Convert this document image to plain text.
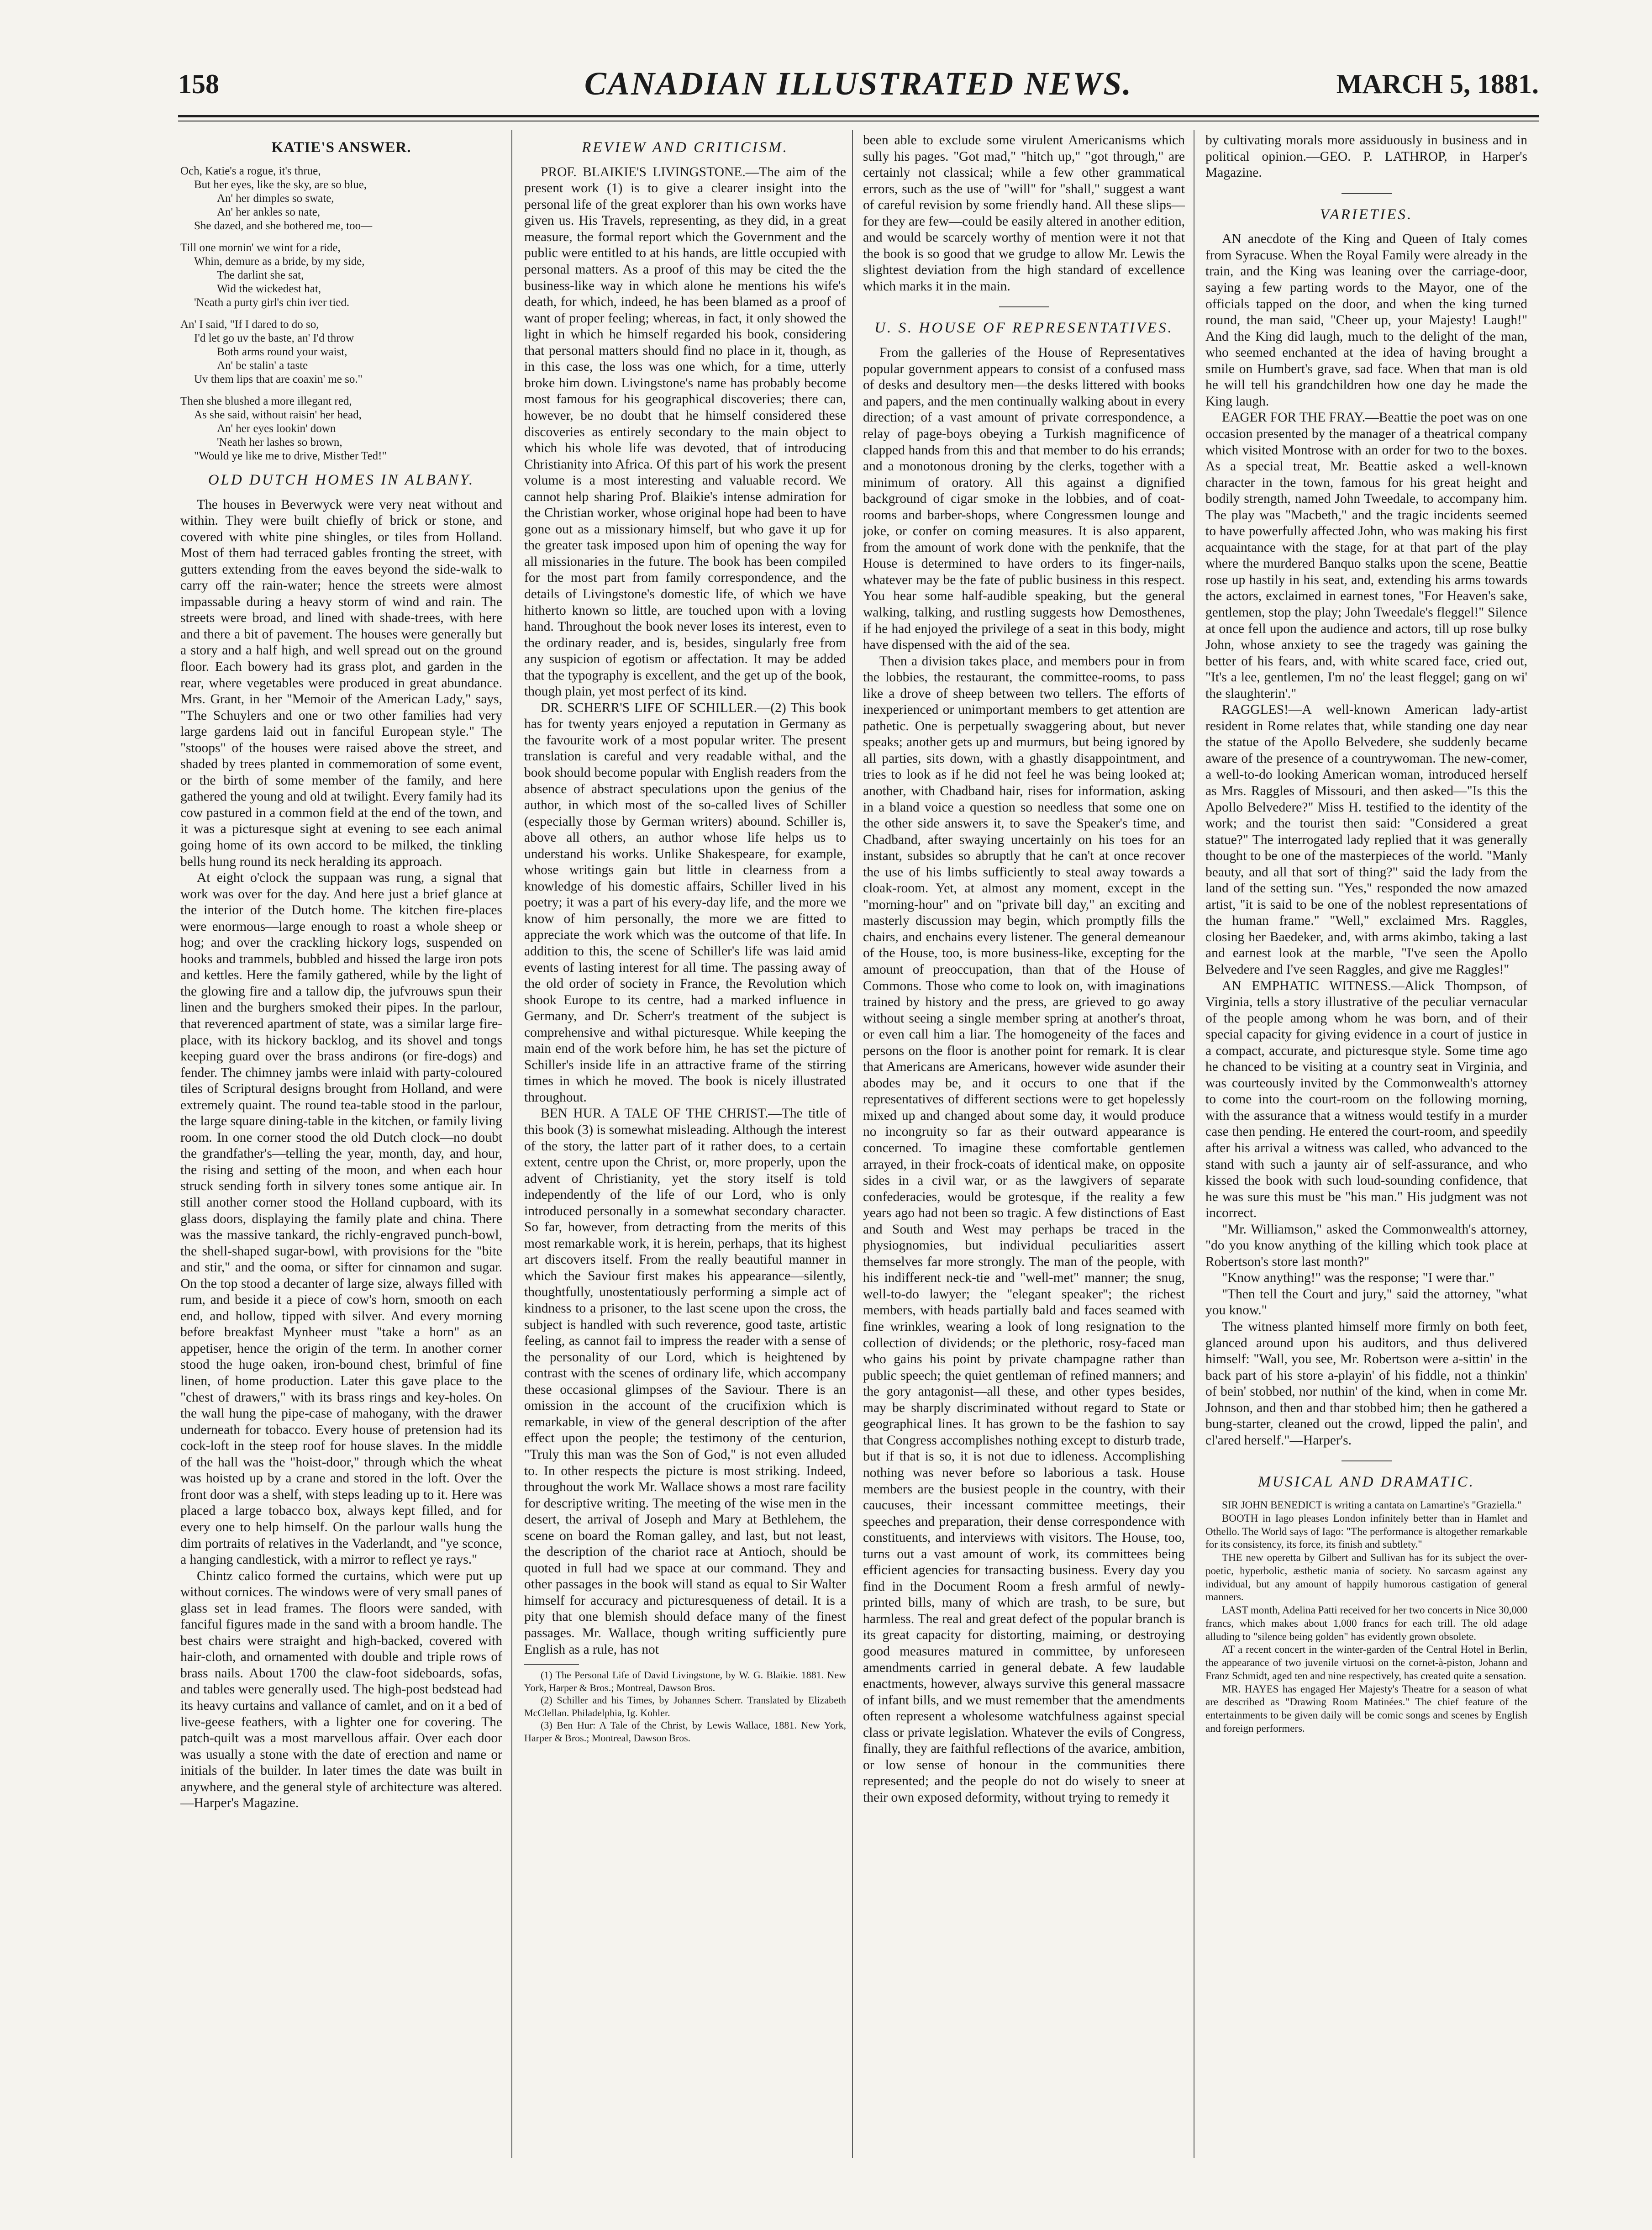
158	CANADIAN ILLUSTRATED NEWS.	MARCH 5, 1881.
KATIE'S ANSWER.
Och, Katie's a rogue, it's thrue,
But her eyes, like the sky, are so blue,
An' her dimples so swate,
An' her ankles so nate,
She dazed, and she bothered me, too—
Till one mornin' we wint for a ride,
Whin, demure as a bride, by my side,
The darlint she sat,
Wid the wickedest hat,
'Neath a purty girl's chin iver tied.
An' I said, "If I dared to do so,
I'd let go uv the baste, an' I'd throw
Both arms round your waist,
An' be stalin' a taste
Uv them lips that are coaxin' me so."
Then she blushed a more illegant red,
As she said, without raisin' her head,
An' her eyes lookin' down
'Neath her lashes so brown,
"Would ye like me to drive, Misther Ted!"
OLD DUTCH HOMES IN ALBANY.

The houses in Beverwyck were very neat without and within. They were built chiefly of brick or stone, and covered with white pine shingles, or tiles from Holland. Most of them had terraced gables fronting the street, with gutters extending from the eaves beyond the side-walk to carry off the rain-water; hence the streets were almost impassable during a heavy storm of wind and rain. The streets were broad, and lined with shade-trees, with here and there a bit of pavement. The houses were generally but a story and a half high, and well spread out on the ground floor. Each bowery had its grass plot, and garden in the rear, where vegetables were produced in great abundance. Mrs. Grant, in her "Memoir of the American Lady," says, "The Schuylers and one or two other families had very large gardens laid out in fanciful European style." The "stoops" of the houses were raised above the street, and shaded by trees planted in commemoration of some event, or the birth of some member of the family, and here gathered the young and old at twilight. Every family had its cow pastured in a common field at the end of the town, and it was a picturesque sight at evening to see each animal going home of its own accord to be milked, the tinkling bells hung round its neck heralding its approach.

At eight o'clock the suppaan was rung, a signal that work was over for the day. And here just a brief glance at the interior of the Dutch home. The kitchen fire-places were enormous—large enough to roast a whole sheep or hog; and over the crackling hickory logs, suspended on hooks and trammels, bubbled and hissed the large iron pots and kettles. Here the family gathered, while by the light of the glowing fire and a tallow dip, the jufvrouws spun their linen and the burghers smoked their pipes. In the parlour, that reverenced apartment of state, was a similar large fire-place, with its hickory backlog, and its shovel and tongs keeping guard over the brass andirons (or fire-dogs) and fender. The chimney jambs were inlaid with party-coloured tiles of Scriptural designs brought from Holland, and were extremely quaint. The round tea-table stood in the parlour, the large square dining-table in the kitchen, or family living room. In one corner stood the old Dutch clock—no doubt the grandfather's—telling the year, month, day, and hour, the rising and setting of the moon, and when each hour struck sending forth in silvery tones some antique air. In still another corner stood the Holland cupboard, with its glass doors, displaying the family plate and china. There was the massive tankard, the richly-engraved punch-bowl, the shell-shaped sugar-bowl, with provisions for the "bite and stir," and the ooma, or sifter for cinnamon and sugar. On the top stood a decanter of large size, always filled with rum, and beside it a piece of cow's horn, smooth on each end, and hollow, tipped with silver. And every morning before breakfast Mynheer must "take a horn" as an appetiser, hence the origin of the term. In another corner stood the huge oaken, iron-bound chest, brimful of fine linen, of home production. Later this gave place to the "chest of drawers," with its brass rings and key-holes. On the wall hung the pipe-case of mahogany, with the drawer underneath for tobacco. Every house of pretension had its cock-loft in the steep roof for house slaves. In the middle of the hall was the "hoist-door," through which the wheat was hoisted up by a crane and stored in the loft. Over the front door was a shelf, with steps leading up to it. Here was placed a large tobacco box, always kept filled, and for every one to help himself. On the parlour walls hung the dim portraits of relatives in the Vaderlandt, and "ye sconce, a hanging candlestick, with a mirror to reflect ye rays."

Chintz calico formed the curtains, which were put up without cornices. The windows were of very small panes of glass set in lead frames. The floors were sanded, with fanciful figures made in the sand with a broom handle. The best chairs were straight and high-backed, covered with hair-cloth, and ornamented with double and triple rows of brass nails. About 1700 the claw-foot sideboards, sofas, and tables were generally used. The high-post bedstead had its heavy curtains and vallance of camlet, and on it a bed of live-geese feathers, with a lighter one for covering. The patch-quilt was a most marvellous affair. Over each door was usually a stone with the date of erection and name or initials of the builder. In later times the date was built in anywhere, and the general style of architecture was altered.—Harper's Magazine.

REVIEW AND CRITICISM.

PROF. BLAIKIE'S LIVINGSTONE.—The aim of the present work (1) is to give a clearer insight into the personal life of the great explorer than his own works have given us. His Travels, representing, as they did, in a great measure, the formal report which the Government and the public were entitled to at his hands, are little occupied with personal matters. As a proof of this may be cited the the business-like way in which alone he mentions his wife's death, for which, indeed, he has been blamed as a proof of want of proper feeling; whereas, in fact, it only showed the light in which he himself regarded his book, considering that personal matters should find no place in it, though, as in this case, the loss was one which, for a time, utterly broke him down. Livingstone's name has probably become most famous for his geographical discoveries; there can, however, be no doubt that he himself considered these discoveries as entirely secondary to the main object to which his whole life was devoted, that of introducing Christianity into Africa. Of this part of his work the present volume is a most interesting and valuable record. We cannot help sharing Prof. Blaikie's intense admiration for the Christian worker, whose original hope had been to have gone out as a missionary himself, but who gave it up for the greater task imposed upon him of opening the way for all missionaries in the future. The book has been compiled for the most part from family correspondence, and the details of Livingstone's domestic life, of which we have hitherto known so little, are touched upon with a loving hand. Throughout the book never loses its interest, even to the ordinary reader, and is, besides, singularly free from any suspicion of egotism or affectation. It may be added that the typography is excellent, and the get up of the book, though plain, yet most perfect of its kind.

DR. SCHERR'S LIFE OF SCHILLER.—(2) This book has for twenty years enjoyed a reputation in Germany as the favourite work of a most popular writer. The present translation is careful and very readable withal, and the book should become popular with English readers from the absence of abstract speculations upon the genius of the author, in which most of the so-called lives of Schiller (especially those by German writers) abound. Schiller is, above all others, an author whose life helps us to understand his works. Unlike Shakespeare, for example, whose writings gain but little in clearness from a knowledge of his domestic affairs, Schiller lived in his poetry; it was a part of his every-day life, and the more we know of him personally, the more we are fitted to appreciate the work which was the outcome of that life. In addition to this, the scene of Schiller's life was laid amid events of lasting interest for all time. The passing away of the old order of society in France, the Revolution which shook Europe to its centre, had a marked influence in Germany, and Dr. Scherr's treatment of the subject is comprehensive and withal picturesque. While keeping the main end of the work before him, he has set the picture of Schiller's inside life in an attractive frame of the stirring times in which he moved. The book is nicely illustrated throughout.

BEN HUR. A TALE OF THE CHRIST.—The title of this book (3) is somewhat misleading. Although the interest of the story, the latter part of it rather does, to a certain extent, centre upon the Christ, or, more properly, upon the advent of Christianity, yet the story itself is told independently of the life of our Lord, who is only introduced personally in a somewhat secondary character. So far, however, from detracting from the merits of this most remarkable work, it is herein, perhaps, that its highest art discovers itself. From the really beautiful manner in which the Saviour first makes his appearance—silently, thoughtfully, unostentatiously performing a simple act of kindness to a prisoner, to the last scene upon the cross, the subject is handled with such reverence, good taste, artistic feeling, as cannot fail to impress the reader with a sense of the personality of our Lord, which is heightened by contrast with the scenes of ordinary life, which accompany these occasional glimpses of the Saviour. There is an omission in the account of the crucifixion which is remarkable, in view of the general description of the after effect upon the people; the testimony of the centurion, "Truly this man was the Son of God," is not even alluded to. In other respects the picture is most striking. Indeed, throughout the work Mr. Wallace shows a most rare facility for descriptive writing. The meeting of the wise men in the desert, the arrival of Joseph and Mary at Bethlehem, the scene on board the Roman galley, and last, but not least, the description of the chariot race at Antioch, should be quoted in full had we space at our command. They and other passages in the book will stand as equal to Sir Walter himself for accuracy and picturesqueness of detail. It is a pity that one blemish should deface many of the finest passages. Mr. Wallace, though writing sufficiently pure English as a rule, has not

(1) The Personal Life of David Livingstone, by W. G. Blaikie. 1881. New York, Harper & Bros.; Montreal, Dawson Bros.

(2) Schiller and his Times, by Johannes Scherr. Translated by Elizabeth McClellan. Philadelphia, Ig. Kohler.

(3) Ben Hur: A Tale of the Christ, by Lewis Wallace, 1881. New York, Harper & Bros.; Montreal, Dawson Bros.

been able to exclude some virulent Americanisms which sully his pages. "Got mad," "hitch up," "got through," are certainly not classical; while a few other grammatical errors, such as the use of "will" for "shall," suggest a want of careful revision by some friendly hand. All these slips—for they are few—could be easily altered in another edition, and would be scarcely worthy of mention were it not that the book is so good that we grudge to allow Mr. Lewis the slightest deviation from the high standard of excellence which marks it in the main.

U. S. HOUSE OF REPRESENTATIVES.

From the galleries of the House of Representatives popular government appears to consist of a confused mass of desks and desultory men—the desks littered with books and papers, and the men continually walking about in every direction; of a vast amount of private correspondence, a relay of page-boys obeying a Turkish magnificence of clapped hands from this and that member to do his errands; and a monotonous droning by the clerks, together with a minimum of oratory. All this against a dignified background of cigar smoke in the lobbies, and of coat-rooms and barber-shops, where Congressmen lounge and joke, or confer on coming measures. It is also apparent, from the amount of work done with the penknife, that the House is determined to have orders to its finger-nails, whatever may be the fate of public business in this respect. You hear some half-audible speaking, but the general walking, talking, and rustling suggests how Demosthenes, if he had enjoyed the privilege of a seat in this body, might have dispensed with the aid of the sea.

Then a division takes place, and members pour in from the lobbies, the restaurant, the committee-rooms, to pass like a drove of sheep between two tellers. The efforts of inexperienced or unimportant members to get attention are pathetic. One is perpetually swaggering about, but never speaks; another gets up and murmurs, but being ignored by all parties, sits down, with a ghastly disappointment, and tries to look as if he did not feel he was being looked at; another, with Chadband hair, rises for information, asking in a bland voice a question so needless that some one on the other side answers it, to save the Speaker's time, and Chadband, after swaying uncertainly on his toes for an instant, subsides so abruptly that he can't at once recover the use of his limbs sufficiently to steal away towards a cloak-room. Yet, at almost any moment, except in the "morning-hour" and on "private bill day," an exciting and masterly discussion may begin, which promptly fills the chairs, and enchains every listener. The general demeanour of the House, too, is more business-like, excepting for the amount of preoccupation, than that of the House of Commons. Those who come to look on, with imaginations trained by history and the press, are grieved to go away without seeing a single member spring at another's throat, or even call him a liar. The homogeneity of the faces and persons on the floor is another point for remark. It is clear that Americans are Americans, however wide asunder their abodes may be, and it occurs to one that if the representatives of different sections were to get hopelessly mixed up and changed about some day, it would produce no incongruity so far as their outward appearance is concerned. To imagine these comfortable gentlemen arrayed, in their frock-coats of identical make, on opposite sides in a civil war, or as the lawgivers of separate confederacies, would be grotesque, if the reality a few years ago had not been so tragic. A few distinctions of East and South and West may perhaps be traced in the physiognomies, but individual peculiarities assert themselves far more strongly. The man of the people, with his indifferent neck-tie and "well-met" manner; the snug, well-to-do lawyer; the "elegant speaker"; the richest members, with heads partially bald and faces seamed with fine wrinkles, wearing a look of long resignation to the collection of dividends; or the plethoric, rosy-faced man who gains his point by private champagne rather than public speech; the quiet gentleman of refined manners; and the gory antagonist—all these, and other types besides, may be sharply discriminated without regard to State or geographical lines. It has grown to be the fashion to say that Congress accomplishes nothing except to disturb trade, but if that is so, it is not due to idleness. Accomplishing nothing was never before so laborious a task. House members are the busiest people in the country, with their caucuses, their incessant committee meetings, their speeches and preparation, their dense correspondence with constituents, and interviews with visitors. The House, too, turns out a vast amount of work, its committees being efficient agencies for transacting business. Every day you find in the Document Room a fresh armful of newly-printed bills, many of which are trash, to be sure, but harmless. The real and great defect of the popular branch is its great capacity for distorting, maiming, or destroying good measures matured in committee, by unforeseen amendments carried in general debate. A few laudable enactments, however, always survive this general massacre of infant bills, and we must remember that the amendments often represent a wholesome watchfulness against special class or private legislation. Whatever the evils of Congress, finally, they are faithful reflections of the avarice, ambition, or low sense of honour in the communities there represented; and the people do not do wisely to sneer at their own exposed deformity, without trying to remedy it

by cultivating morals more assiduously in business and in political opinion.—GEO. P. LATHROP, in Harper's Magazine.

VARIETIES.

AN anecdote of the King and Queen of Italy comes from Syracuse. When the Royal Family were already in the train, and the King was leaning over the carriage-door, saying a few parting words to the Mayor, one of the officials tapped on the door, and when the king turned round, the man said, "Cheer up, your Majesty! Laugh!" And the King did laugh, much to the delight of the man, who seemed enchanted at the idea of having brought a smile on Humbert's grave, sad face. When that man is old he will tell his grandchildren how one day he made the King laugh.

EAGER FOR THE FRAY.—Beattie the poet was on one occasion presented by the manager of a theatrical company which visited Montrose with an order for two to the boxes. As a special treat, Mr. Beattie asked a well-known character in the town, famous for his great height and bodily strength, named John Tweedale, to accompany him. The play was "Macbeth," and the tragic incidents seemed to have powerfully affected John, who was making his first acquaintance with the stage, for at that part of the play where the murdered Banquo stalks upon the scene, Beattie rose up hastily in his seat, and, extending his arms towards the actors, exclaimed in earnest tones, "For Heaven's sake, gentlemen, stop the play; John Tweedale's fleggel!" Silence at once fell upon the audience and actors, till up rose bulky John, whose anxiety to see the tragedy was gaining the better of his fears, and, with white scared face, cried out, "It's a lee, gentlemen, I'm no' the least fleggel; gang on wi' the slaughterin'."

RAGGLES!—A well-known American lady-artist resident in Rome relates that, while standing one day near the statue of the Apollo Belvedere, she suddenly became aware of the presence of a countrywoman. The new-comer, a well-to-do looking American woman, introduced herself as Mrs. Raggles of Missouri, and then asked—"Is this the Apollo Belvedere?" Miss H. testified to the identity of the work; and the tourist then said: "Considered a great statue?" The interrogated lady replied that it was generally thought to be one of the masterpieces of the world. "Manly beauty, and all that sort of thing?" said the lady from the land of the setting sun. "Yes," responded the now amazed artist, "it is said to be one of the noblest representations of the human frame." "Well," exclaimed Mrs. Raggles, closing her Baedeker, and, with arms akimbo, taking a last and earnest look at the marble, "I've seen the Apollo Belvedere and I've seen Raggles, and give me Raggles!"

AN EMPHATIC WITNESS.—Alick Thompson, of Virginia, tells a story illustrative of the peculiar vernacular of the people among whom he was born, and of their special capacity for giving evidence in a court of justice in a compact, accurate, and picturesque style. Some time ago he chanced to be visiting at a country seat in Virginia, and was courteously invited by the Commonwealth's attorney to come into the court-room on the following morning, with the assurance that a witness would testify in a murder case then pending. He entered the court-room, and speedily after his arrival a witness was called, who advanced to the stand with such a jaunty air of self-assurance, and who kissed the book with such loud-sounding confidence, that he was sure this must be "his man." His judgment was not incorrect.

"Mr. Williamson," asked the Commonwealth's attorney, "do you know anything of the killing which took place at Robertson's store last month?"

"Know anything!" was the response; "I were thar."

"Then tell the Court and jury," said the attorney, "what you know."

The witness planted himself more firmly on both feet, glanced around upon his auditors, and thus delivered himself: "Wall, you see, Mr. Robertson were a-sittin' in the back part of his store a-playin' of his fiddle, not a thinkin' of bein' stobbed, nor nuthin' of the kind, when in come Mr. Johnson, and then and thar stobbed him; then he gathered a bung-starter, cleaned out the crowd, lipped the palin', and cl'ared herself."—Harper's.

MUSICAL AND DRAMATIC.

SIR JOHN BENEDICT is writing a cantata on Lamartine's "Graziella."

BOOTH in Iago pleases London infinitely better than in Hamlet and Othello. The World says of Iago: "The performance is altogether remarkable for its consistency, its force, its finish and subtlety."

THE new operetta by Gilbert and Sullivan has for its subject the over-poetic, hyperbolic, æsthetic mania of society. No sarcasm against any individual, but any amount of happily humorous castigation of general manners.

LAST month, Adelina Patti received for her two concerts in Nice 30,000 francs, which makes about 1,000 francs for each trill. The old adage alluding to "silence being golden" has evidently grown obsolete.

AT a recent concert in the winter-garden of the Central Hotel in Berlin, the appearance of two juvenile virtuosi on the cornet-à-piston, Johann and Franz Schmidt, aged ten and nine respectively, has created quite a sensation.

MR. HAYES has engaged Her Majesty's Theatre for a season of what are described as "Drawing Room Matinées." The chief feature of the entertainments to be given daily will be comic songs and scenes by English and foreign performers.
